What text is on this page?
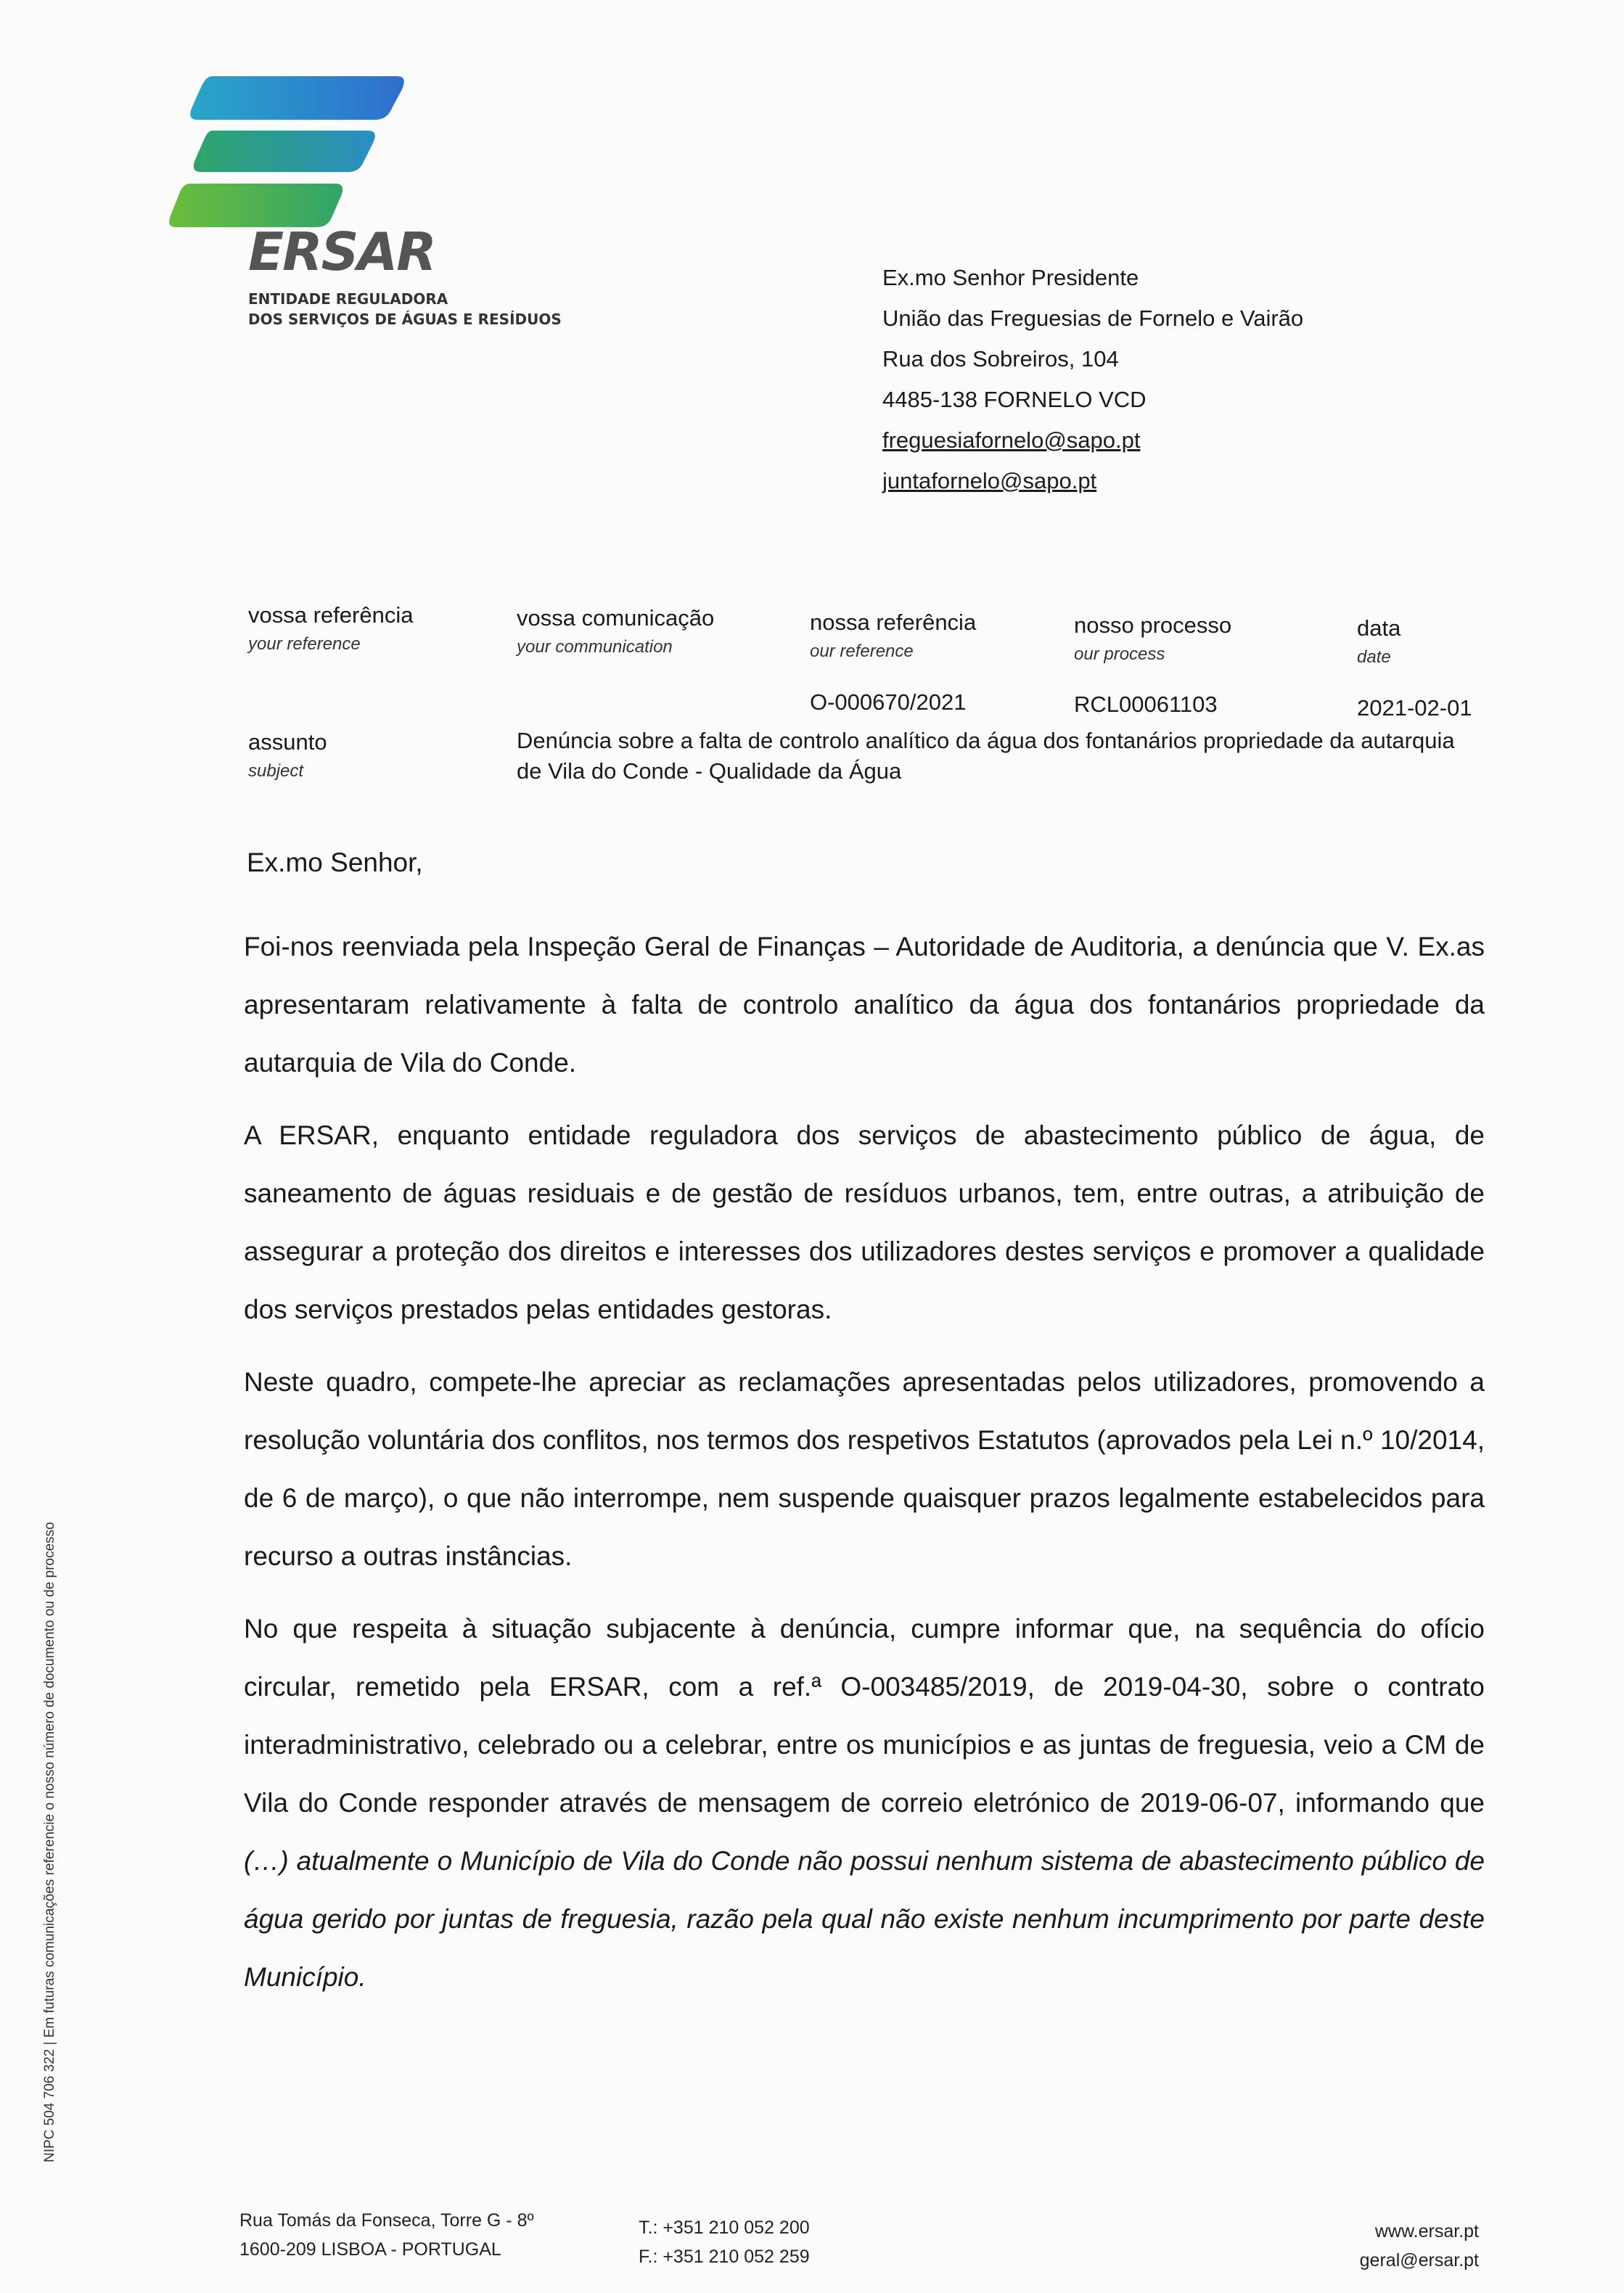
ERSAR
ENTIDADE REGULADORA
DOS SERVIÇOS DE ÁGUAS E RESÍDUOS
Ex.mo Senhor Presidente
União das Freguesias de Fornelo e Vairão
Rua dos Sobreiros, 104
4485-138 FORNELO VCD
freguesiafornelo@sapo.pt
juntafornelo@sapo.pt
vossa referência
your reference
vossa comunicação
your communication
nossa referência
our reference
nosso processo
our process
data
date
O-000670/2021	RCL00061103	2021-02-01
assunto
subject
Denúncia sobre a falta de controlo analítico da água dos fontanários propriedade da autarquia
de Vila do Conde - Qualidade da Água
Ex.mo Senhor,

Foi-nos reenviada pela Inspeção Geral de Finanças – Autoridade de Auditoria, a denúncia que V. Ex.as apresentaram relativamente à falta de controlo analítico da água dos fontanários propriedade da autarquia de Vila do Conde.

A ERSAR, enquanto entidade reguladora dos serviços de abastecimento público de água, de saneamento de águas residuais e de gestão de resíduos urbanos, tem, entre outras, a atribuição de assegurar a proteção dos direitos e interesses dos utilizadores destes serviços e promover a qualidade dos serviços prestados pelas entidades gestoras.

Neste quadro, compete-lhe apreciar as reclamações apresentadas pelos utilizadores, promovendo a resolução voluntária dos conflitos, nos termos dos respetivos Estatutos (aprovados pela Lei n.º 10/2014, de 6 de março), o que não interrompe, nem suspende quaisquer prazos legalmente estabelecidos para recurso a outras instâncias.

No que respeita à situação subjacente à denúncia, cumpre informar que, na sequência do ofício circular, remetido pela ERSAR, com a ref.ª O-003485/2019, de 2019-04-30, sobre o contrato interadministrativo, celebrado ou a celebrar, entre os municípios e as juntas de freguesia, veio a CM de Vila do Conde responder através de mensagem de correio eletrónico de 2019-06-07, informando que (…) atualmente o Município de Vila do Conde não possui nenhum sistema de abastecimento público de água gerido por juntas de freguesia, razão pela qual não existe nenhum incumprimento por parte deste Município.

NIPC 504 706 322 | Em futuras comunicações referencie o nosso número de documento ou de processo
Rua Tomás da Fonseca, Torre G - 8º
1600-209 LISBOA - PORTUGAL
T.: +351 210 052 200
F.: +351 210 052 259
www.ersar.pt
geral@ersar.pt
